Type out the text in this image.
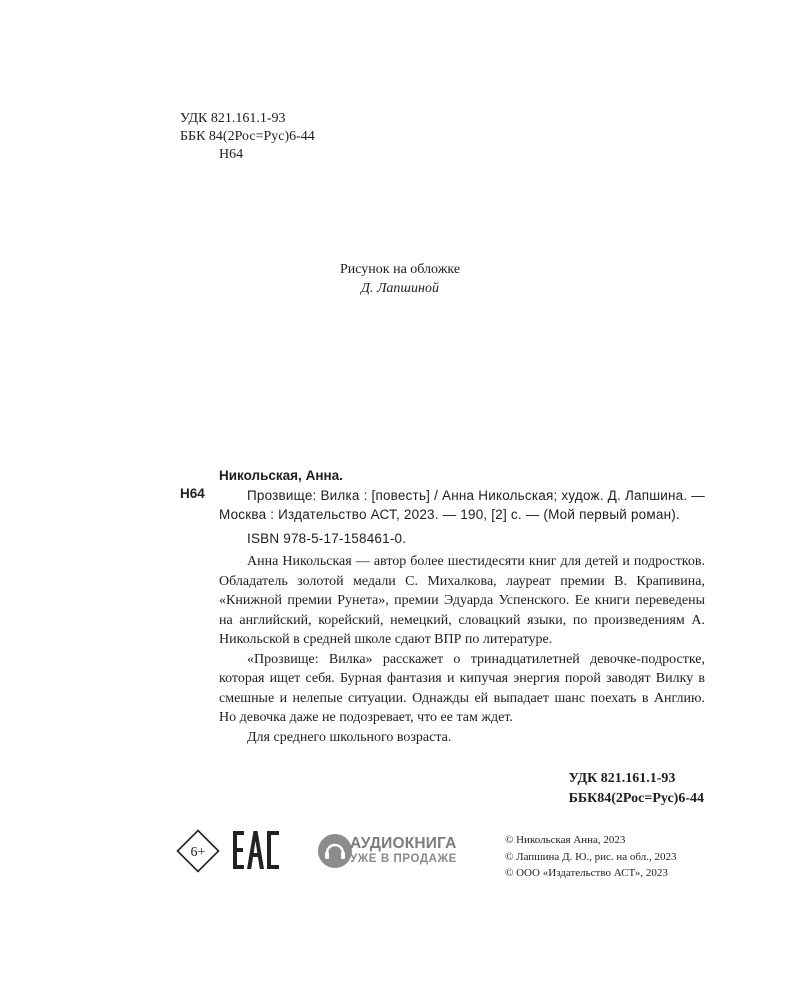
УДК 821.161.1-93
ББК 84(2Рос=Рус)6-44
Н64
Рисунок на обложке
Д. Лапшиной
Н64

Никольская, Анна.

Прозвище: Вилка : [повесть] / Анна Никольская; худож. Д. Лапшина. — Москва : Издательство АСТ, 2023. — 190, [2] с. — (Мой первый роман).

ISBN 978-5-17-158461-0.

Анна Никольская — автор более шестидесяти книг для детей и подростков. Обладатель золотой медали С. Михалкова, лауреат премии В. Крапивина, «Книжной премии Рунета», премии Эдуарда Успенского. Ее книги переведены на английский, корейский, немецкий, словацкий языки, по произведениям А. Никольской в средней школе сдают ВПР по литературе.

«Прозвище: Вилка» расскажет о тринадцатилетней девочке-подростке, которая ищет себя. Бурная фантазия и кипучая энергия порой заводят Вилку в смешные и нелепые ситуации. Однажды ей выпадает шанс поехать в Англию. Но девочка даже не подозревает, что ее там ждет.

Для среднего школьного возраста.

УДК 821.161.1-93
ББК84(2Рос=Рус)6-44
6+
АУДИОКНИГА
УЖЕ В ПРОДАЖЕ
© Никольская Анна, 2023
© Лапшина Д. Ю., рис. на обл., 2023
© ООО «Издательство АСТ», 2023
